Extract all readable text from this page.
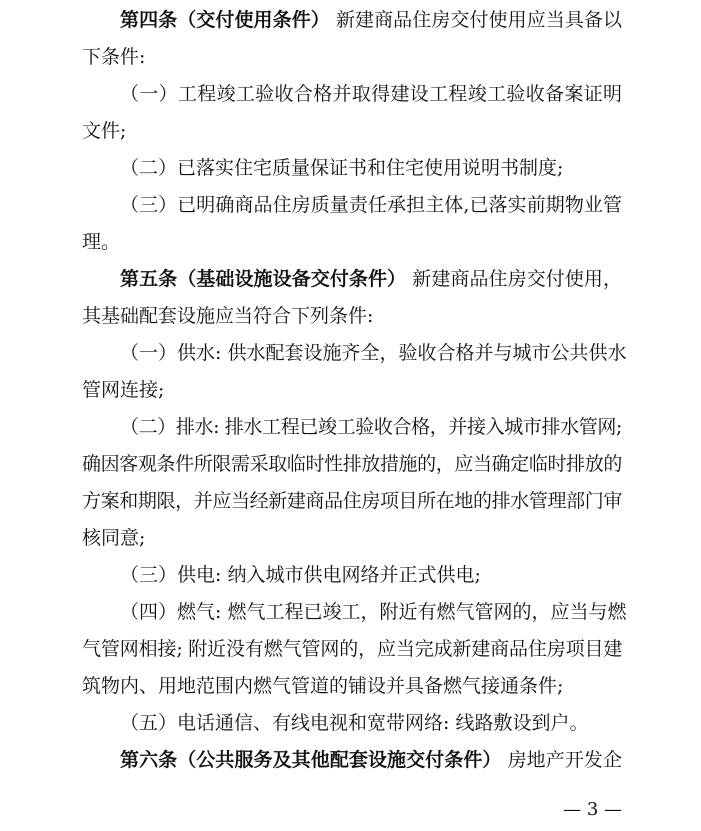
第四条（交付使用条件） 新建商品住房交付使用应当具备以
下条件:
（一）工程竣工验收合格并取得建设工程竣工验收备案证明
文件;
（二）已落实住宅质量保证书和住宅使用说明书制度;
（三）已明确商品住房质量责任承担主体,已落实前期物业管
理。
第五条（基础设施设备交付条件） 新建商品住房交付使用，
其基础配套设施应当符合下列条件:
（一）供水: 供水配套设施齐全，验收合格并与城市公共供水
管网连接;
（二）排水: 排水工程已竣工验收合格，并接入城市排水管网;
确因客观条件所限需采取临时性排放措施的，应当确定临时排放的
方案和期限，并应当经新建商品住房项目所在地的排水管理部门审
核同意;
（三）供电: 纳入城市供电网络并正式供电;
（四）燃气: 燃气工程已竣工，附近有燃气管网的，应当与燃
气管网相接; 附近没有燃气管网的，应当完成新建商品住房项目建
筑物内、用地范围内燃气管道的铺设并具备燃气接通条件;
（五）电话通信、有线电视和宽带网络: 线路敷设到户。
第六条（公共服务及其他配套设施交付条件） 房地产开发企
— 3 —
